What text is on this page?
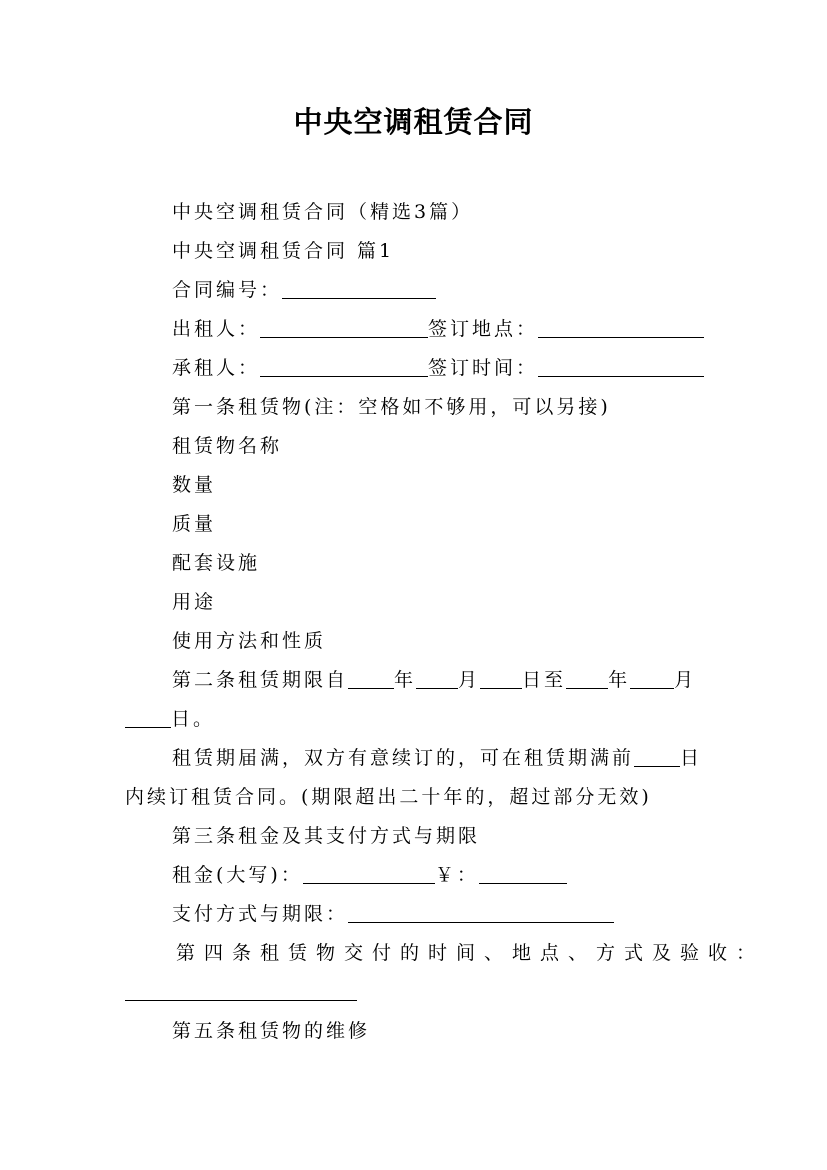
中央空调租赁合同
中央空调租赁合同（精选3篇）
中央空调租赁合同 篇1
合同编号：
出租人：	签订地点：
承租人：	签订时间：
第一条租赁物(注：空格如不够用，可以另接)
租赁物名称
数量
质量
配套设施
用途
使用方法和性质
第二条租赁期限自 年 月 日至 年 月
日。
租赁期届满，双方有意续订的，可在租赁期满前 日
内续订租赁合同。(期限超出二十年的，超过部分无效)
第三条租金及其支付方式与期限
租金(大写)：	￥：
支付方式与期限：
第四条租赁物交付的时间、地点、方式及验收：
第五条租赁物的维修
